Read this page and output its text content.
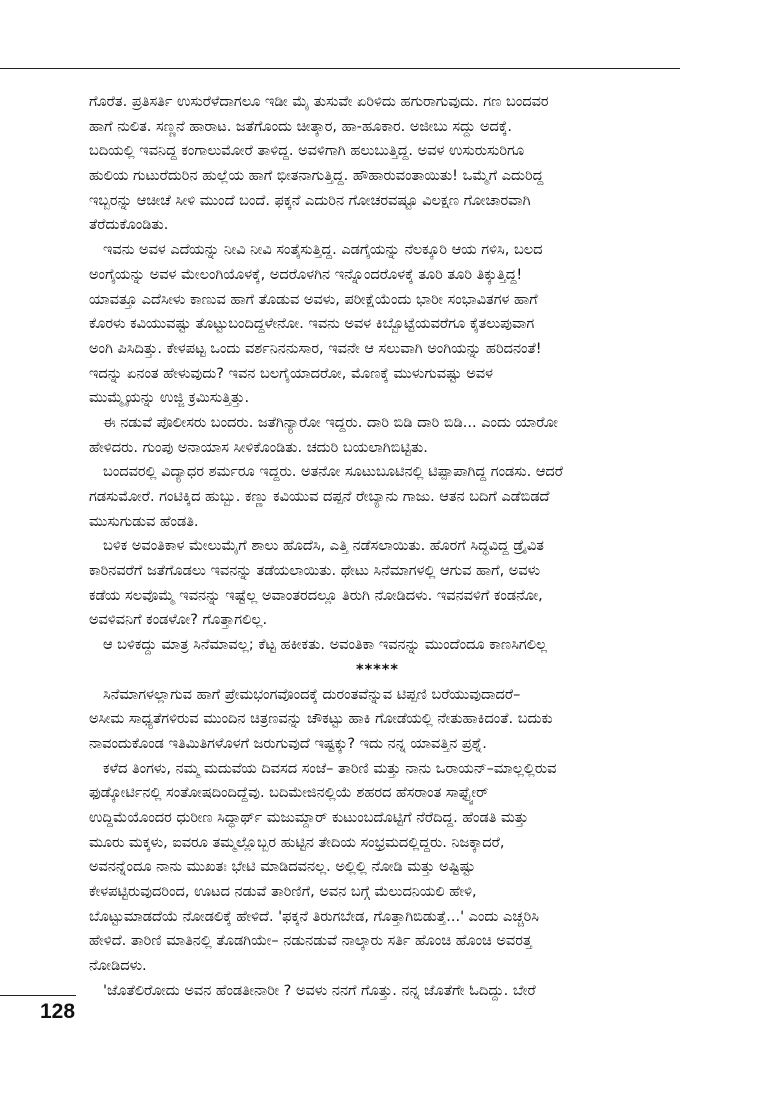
ಗೊರೆತ. ಪ್ರತಿಸರ್ತಿ ಉಸುರೆಳೆದಾಗಲೂ ಇಡೀ ಮೈ ತುಸುವೇ ಏರಿಳಿದು ಹಗುರಾಗುವುದು. ಗಣ ಬಂದವರ
ಹಾಗೆ ನುಲಿತ. ಸಣ್ಣನೆ ಹಾರಾಟ. ಜತೆಗೊಂದು ಚೀತ್ಕಾರ, ಹಾ-ಹೂಕಾರ. ಅಜೀಬು ಸದ್ದು ಅದಕ್ಕೆ.
ಬದಿಯಲ್ಲಿ ಇವನಿದ್ದ ಕಂಗಾಲುಮೋರೆ ತಾಳಿದ್ದ. ಅವಳಿಗಾಗಿ ಹಲುಬುತ್ತಿದ್ದ. ಅವಳ ಉಸುರುಸುರಿಗೂ
ಹುಲಿಯ ಗುಟುರೆದುರಿನ ಹುಲ್ಲೆಯ ಹಾಗೆ ಭೀತನಾಗುತ್ತಿದ್ದ. ಹೌಹಾರುವಂತಾಯಿತು! ಒಮ್ಮೆಗೆ ಎದುರಿದ್ದ
ಇಬ್ಬರನ್ನು ಆಚೀಚೆ ಸೀಳಿ ಮುಂದೆ ಬಂದೆ. ಫಕ್ಕನೆ ಎದುರಿನ ಗೋಚರವಷ್ಟೂ ವಿಲಕ್ಷಣ ಗೋಚಾರವಾಗಿ
ತೆರೆದುಕೊಂಡಿತು.
ಇವನು ಅವಳ ಎದೆಯನ್ನು ನೀವಿ ನೀವಿ ಸಂತೈಸುತ್ತಿದ್ದ. ಎಡಗೈಯನ್ನು ನೆಲಕ್ಕೂರಿ ಆಯ ಗಳಿಸಿ, ಬಲದ
ಅಂಗೈಯನ್ನು ಅವಳ ಮೇಲಂಗಿಯೊಳಕ್ಕೆ, ಅದರೊಳಗಿನ ಇನ್ನೊಂದರೊಳಕ್ಕೆ ತೂರಿ ತೂರಿ ತಿಕ್ಕುತ್ತಿದ್ದ!
ಯಾವತ್ತೂ ಎದೆಸೀಳು ಕಾಣುವ ಹಾಗೆ ತೊಡುವ ಅವಳು, ಪರೀಕ್ಷೆಯೆಂದು ಭಾರೀ ಸಂಭಾವಿತಗಳ ಹಾಗೆ
ಕೊರಳು ಕವಿಯುವಷ್ಟು ತೊಟ್ಟುಬಂದಿದ್ದಳೇನೋ. ಇವನು ಅವಳ ಕಿಬ್ಬೊಟ್ಟೆಯವರೆಗೂ ಕೈತಲುಪುವಾಗ
ಅಂಗಿ ಪಿಸಿದಿತ್ತು. ಕೇಳಪಟ್ಟ ಒಂದು ವರ್ಶನಿನನುಸಾರ, ಇವನೇ ಆ ಸಲುವಾಗಿ ಅಂಗಿಯನ್ನು ಹರಿದನಂತೆ!
ಇದನ್ನು ಏನಂತ ಹೇಳುವುದು? ಇವನ ಬಲಗೈಯಾದರೋ, ಮೊಣಕ್ಕೆ ಮುಳುಗುವಷ್ಟು ಅವಳ
ಮುಮ್ಮೈಯನ್ನು ಉಜ್ಜಿ ಕ್ರಮಿಸುತ್ತಿತ್ತು.
ಈ ನಡುವೆ ಪೊಲೀಸರು ಬಂದರು. ಜತೆಗಿನ್ಯಾರೋ ಇದ್ದರು. ದಾರಿ ಬಿಡಿ ದಾರಿ ಬಿಡಿ... ಎಂದು ಯಾರೋ
ಹೇಳಿದರು. ಗುಂಪು ಅನಾಯಾಸ ಸೀಳಿಕೊಂಡಿತು. ಚದುರಿ ಬಯಲಾಗಿಬಿಟ್ಟಿತು.
ಬಂದವರಲ್ಲಿ ವಿದ್ಯಾಧರ ಶರ್ಮರೂ ಇದ್ದರು. ಅತನೋ ಸೂಟುಬೂಟಿನಲ್ಲಿ ಟಿಪ್ಪಾಪಾಗಿದ್ದ ಗಂಡಸು. ಆದರೆ
ಗಡಸುಮೋರೆ. ಗಂಟಿಕ್ಕಿದ ಹುಬ್ಬು. ಕಣ್ಣು ಕವಿಯುವ ದಪ್ಪನೆ ರೇಬ್ಯಾನು ಗಾಜು. ಆತನ ಬದಿಗೆ ಎಡೆಬಿಡದೆ
ಮುಸುಗುಡುವ ಹೆಂಡತಿ.
ಬಳಿಕ ಅವಂತಿಕಾಳ ಮೇಲುಮೈಗೆ ಶಾಲು ಹೊದೆಸಿ, ಎತ್ತಿ ನಡೆಸಲಾಯಿತು. ಹೊರಗೆ ಸಿದ್ಧವಿದ್ದ ಡ್ರೈವಿತ
ಕಾರಿನವರೆಗೆ ಜತೆಗೊಡಲು ಇವನನ್ನು ತಡೆಯಲಾಯಿತು. ಥೇಟು ಸಿನೆಮಾಗಳಲ್ಲಿ ಆಗುವ ಹಾಗೆ, ಅವಳು
ಕಡೆಯ ಸಲವೊಮ್ಮೆ ಇವನನ್ನು ಇಷ್ಟೆಲ್ಲ ಅವಾಂತರದಲ್ಲೂ ತಿರುಗಿ ನೋಡಿದಳು. ಇವನವಳಿಗೆ ಕಂಡನೋ,
ಅವಳಿವನಿಗೆ ಕಂಡಳೋ? ಗೊತ್ತಾಗಲಿಲ್ಲ.
ಆ ಬಳಿಕದ್ದು ಮಾತ್ರ ಸಿನೆಮಾವಲ್ಲ; ಕೆಟ್ಟ ಹಕೀಕತು. ಅವಂತಿಕಾ ಇವನನ್ನು ಮುಂದೆಂದೂ ಕಾಣಸಿಗಲಿಲ್ಲ
*****
ಸಿನೆಮಾಗಳಲ್ಲಾಗುವ ಹಾಗೆ ಪ್ರೇಮಭಂಗವೊಂದಕ್ಕೆ ದುರಂತವೆನ್ನುವ ಟಿಪ್ಪಣಿ ಬರೆಯುವುದಾದರೆ–
ಅಸೀಮ ಸಾಧ್ಯತೆಗಳಿರುವ ಮುಂದಿನ ಚಿತ್ರಣವನ್ನು ಚೌಕಟ್ಟು ಹಾಕಿ ಗೋಡೆಯಲ್ಲಿ ನೇತುಹಾಕಿದಂತೆ. ಬದುಕು
ನಾವಂದುಕೊಂಡ ಇತಿಮಿತಿಗಳೊಳಗೆ ಜರುಗುವುದೆ ಇಷ್ಟಕ್ಕು? ಇದು ನನ್ನ ಯಾವತ್ತಿನ ಪ್ರಶ್ನೆ.
ಕಳೆದ ತಿಂಗಳು, ನಮ್ಮ ಮದುವೆಯ ದಿವಸದ ಸಂಜೆ– ತಾರಿಣಿ ಮತ್ತು ನಾನು ಒರಾಯನ್–ಮಾಲ್ಲಲ್ಲಿರುವ
ಫುಡ್ಕೋರ್ಟಿನಲ್ಲಿ ಸಂತೋಷದಿಂದಿದ್ದೆವು. ಬದಿಮೇಜಿನಲ್ಲಿಯೆ ಶಹರದ ಹೆಸರಾಂತ ಸಾಫ್ಟ್ವೇರ್
ಉದ್ದಿಮೆಯೊಂದರ ಧುರೀಣ ಸಿದ್ಧಾರ್ಥ್ ಮಜುಮ್ದಾರ್ ಕುಟುಂಬದೊಟ್ಟಿಗೆ ನೆರೆದಿದ್ದ. ಹೆಂಡತಿ ಮತ್ತು
ಮೂರು ಮಕ್ಕಳು, ಐವರೂ ತಮ್ಮಲ್ಲೊಬ್ಬರ ಹುಟ್ಟಿನ ತೇದಿಯ ಸಂಭ್ರಮದಲ್ಲಿದ್ದರು. ನಿಜಕ್ಕಾದರೆ,
ಅವನನ್ನೆಂದೂ ನಾನು ಮುಖತಃ ಭೇಟಿ ಮಾಡಿದವನಲ್ಲ. ಅಲ್ಲಿಲ್ಲಿ ನೋಡಿ ಮತ್ತು ಅಷ್ಟಿಷ್ಟು
ಕೇಳಪಟ್ಟಿರುವುದರಿಂದ, ಊಟದ ನಡುವೆ ತಾರಿಣಿಗೆ, ಅವನ ಬಗ್ಗೆ ಮೆಲುದನಿಯಲಿ ಹೇಳಿ,
ಬೊಟ್ಟುಮಾಡದೆಯೆ ನೋಡಲಿಕ್ಕೆ ಹೇಳಿದೆ. 'ಫಕ್ಕನೆ ತಿರುಗಬೇಡ, ಗೊತ್ತಾಗಿಬಿಡುತ್ತೆ...' ಎಂದು ಎಚ್ಚರಿಸಿ
ಹೇಳಿದೆ. ತಾರಿಣಿ ಮಾತಿನಲ್ಲಿ ತೊಡಗಿಯೇ– ನಡುನಡುವೆ ನಾಲ್ಕಾರು ಸರ್ತಿ ಹೊಂಚಿ ಹೊಂಚಿ ಅವರತ್ತ
ನೋಡಿದಳು.
'ಜೊತೆಲಿರೋದು ಅವನ ಹೆಂಡತೀನಾರೀ ? ಅವಳು ನನಗೆ ಗೊತ್ತು. ನನ್ನ ಜೊತೆಗೇ ಓದಿದ್ದು. ಬೇರೆ
128
